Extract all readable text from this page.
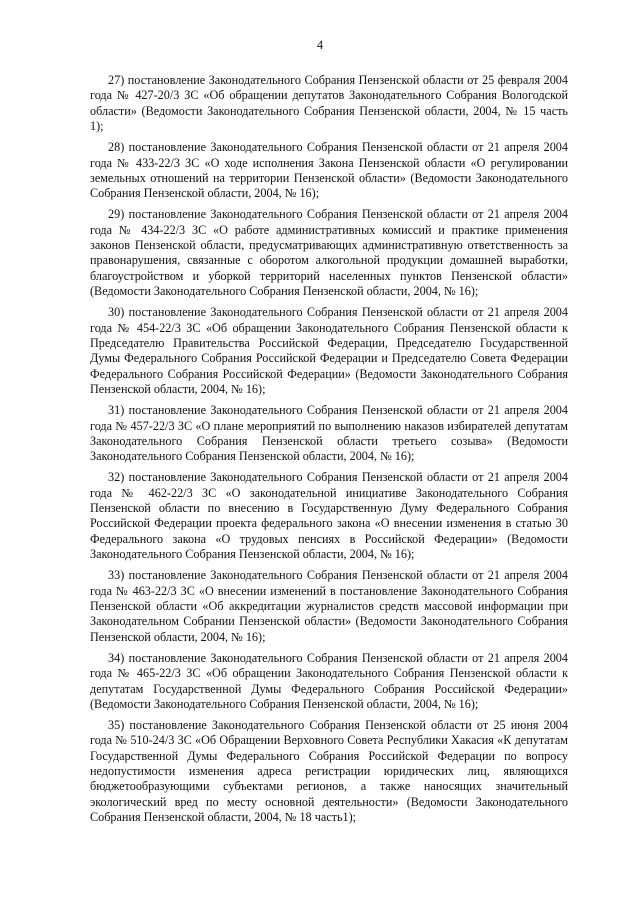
4

27) постановление Законодательного Собрания Пензенской области от 25 февраля 2004 года № 427-20/3 ЗС «Об обращении депутатов Законодательного Собрания Вологодской области» (Ведомости Законодательного Собрания Пензенской области, 2004, № 15 часть 1);

28) постановление Законодательного Собрания Пензенской области от 21 апреля 2004 года № 433-22/3 ЗС «О ходе исполнения Закона Пензенской области «О регулировании земельных отношений на территории Пензенской области» (Ведомости Законодательного Собрания Пензенской области, 2004, № 16);

29) постановление Законодательного Собрания Пензенской области от 21 апреля 2004 года № 434-22/3 ЗС «О работе административных комиссий и практике применения законов Пензенской области, предусматривающих административную ответственность за правонарушения, связанные с оборотом алкогольной продукции домашней выработки, благоустройством и уборкой территорий населенных пунктов Пензенской области» (Ведомости Законодательного Собрания Пензенской области, 2004, № 16);

30) постановление Законодательного Собрания Пензенской области от 21 апреля 2004 года № 454-22/3 ЗС «Об обращении Законодательного Собрания Пензенской области к Председателю Правительства Российской Федерации, Председателю Государственной Думы Федерального Собрания Российской Федерации и Председателю Совета Федерации Федерального Собрания Российской Федерации» (Ведомости Законодательного Собрания Пензенской области, 2004, № 16);

31) постановление Законодательного Собрания Пензенской области от 21 апреля 2004 года № 457-22/3 ЗС «О плане мероприятий по выполнению наказов избирателей депутатам Законодательного Собрания Пензенской области третьего созыва» (Ведомости Законодательного Собрания Пензенской области, 2004, № 16);

32) постановление Законодательного Собрания Пензенской области от 21 апреля 2004 года № 462-22/3 ЗС «О законодательной инициативе Законодательного Собрания Пензенской области по внесению в Государственную Думу Федерального Собрания Российской Федерации проекта федерального закона «О внесении изменения в статью 30 Федерального закона «О трудовых пенсиях в Российской Федерации» (Ведомости Законодательного Собрания Пензенской области, 2004, № 16);

33) постановление Законодательного Собрания Пензенской области от 21 апреля 2004 года № 463-22/3 ЗС «О внесении изменений в постановление Законодательного Собрания Пензенской области «Об аккредитации журналистов средств массовой информации при Законодательном Собрании Пензенской области» (Ведомости Законодательного Собрания Пензенской области, 2004, № 16);

34) постановление Законодательного Собрания Пензенской области от 21 апреля 2004 года № 465-22/3 ЗС «Об обращении Законодательного Собрания Пензенской области к депутатам Государственной Думы Федерального Собрания Российской Федерации» (Ведомости Законодательного Собрания Пензенской области, 2004, № 16);

35) постановление Законодательного Собрания Пензенской области от 25 июня 2004 года № 510-24/3 ЗС «Об Обращении Верховного Совета Республики Хакасия «К депутатам Государственной Думы Федерального Собрания Российской Федерации по вопросу недопустимости изменения адреса регистрации юридических лиц, являющихся бюджетообразующими субъектами регионов, а также наносящих значительный экологический вред по месту основной деятельности» (Ведомости Законодательного Собрания Пензенской области, 2004, № 18 часть1);
